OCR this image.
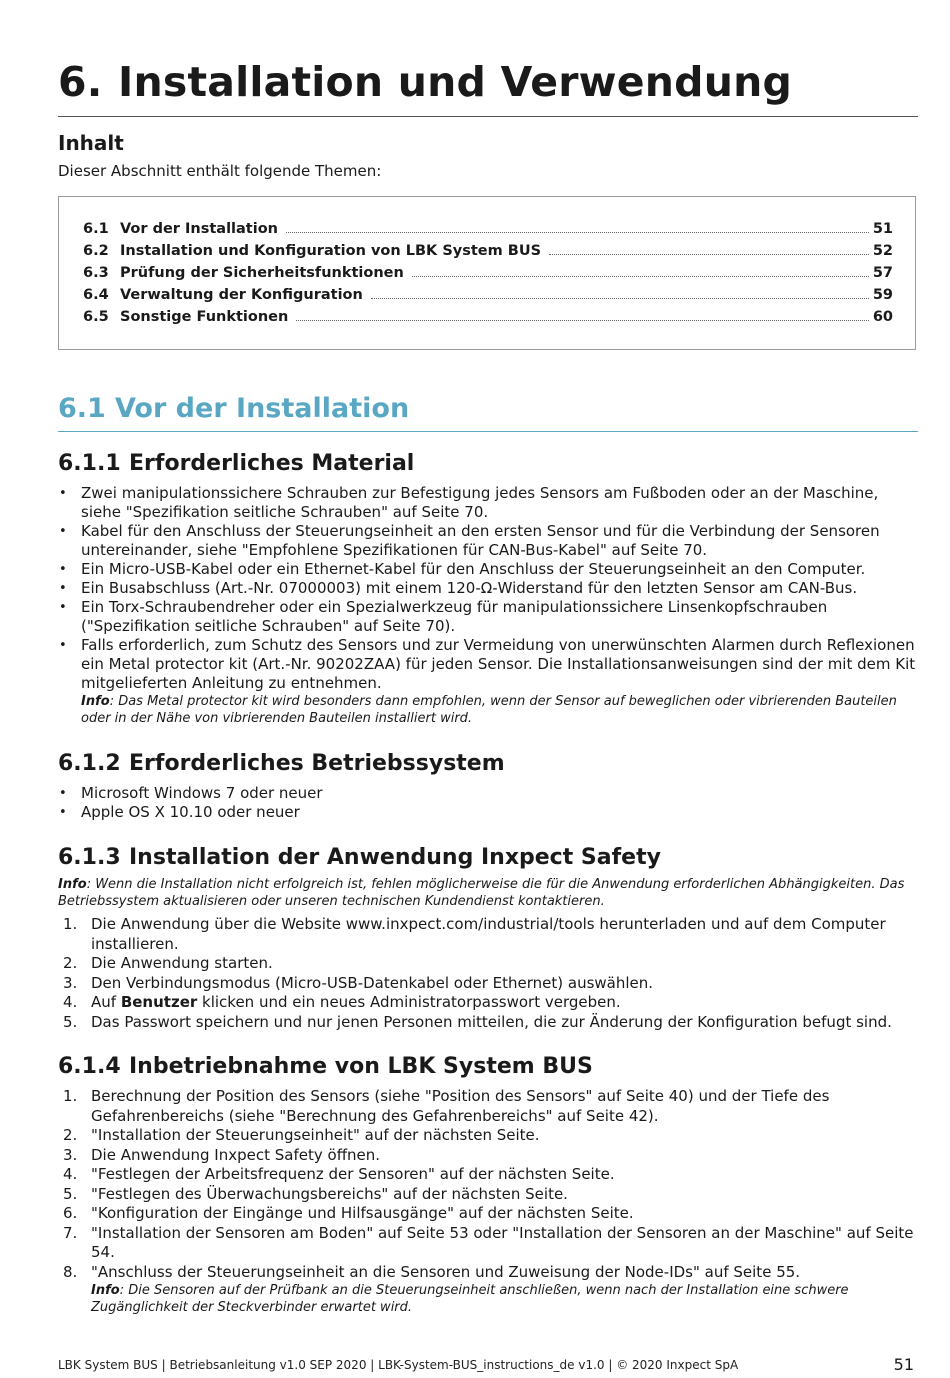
6. Installation und Verwendung
Inhalt

Dieser Abschnitt enthält folgende Themen:

6.1 Vor der Installation	51
6.2 Installation und Konfiguration von LBK System BUS	52
6.3 Prüfung der Sicherheitsfunktionen	57
6.4 Verwaltung der Konfiguration	59
6.5 Sonstige Funktionen	60
6.1 Vor der Installation
6.1.1 Erforderliches Material
• Zwei manipulationssichere Schrauben zur Befestigung jedes Sensors am Fußboden oder an der Maschine, siehe "Spezifikation seitliche Schrauben" auf Seite 70.
• Kabel für den Anschluss der Steuerungseinheit an den ersten Sensor und für die Verbindung der Sensoren untereinander, siehe "Empfohlene Spezifikationen für CAN-Bus-Kabel" auf Seite 70.
• Ein Micro-USB-Kabel oder ein Ethernet-Kabel für den Anschluss der Steuerungseinheit an den Computer.
• Ein Busabschluss (Art.-Nr. 07000003) mit einem 120-Ω-Widerstand für den letzten Sensor am CAN-Bus.
• Ein Torx-Schraubendreher oder ein Spezialwerkzeug für manipulationssichere Linsenkopfschrauben ("Spezifikation seitliche Schrauben" auf Seite 70).
• Falls erforderlich, zum Schutz des Sensors und zur Vermeidung von unerwünschten Alarmen durch Reflexionen ein Metal protector kit (Art.-Nr. 90202ZAA) für jeden Sensor. Die Installationsanweisungen sind der mit dem Kit mitgelieferten Anleitung zu entnehmen.

Info: Das Metal protector kit wird besonders dann empfohlen, wenn der Sensor auf beweglichen oder vibrierenden Bauteilen oder in der Nähe von vibrierenden Bauteilen installiert wird.

6.1.2 Erforderliches Betriebssystem
• Microsoft Windows 7 oder neuer
• Apple OS X 10.10 oder neuer
6.1.3 Installation der Anwendung Inxpect Safety

Info: Wenn die Installation nicht erfolgreich ist, fehlen möglicherweise die für die Anwendung erforderlichen Abhängigkeiten. Das Betriebssystem aktualisieren oder unseren technischen Kundendienst kontaktieren.

1. Die Anwendung über die Website www.inxpect.com/industrial/tools herunterladen und auf dem Computer installieren.
2. Die Anwendung starten.
3. Den Verbindungsmodus (Micro-USB-Datenkabel oder Ethernet) auswählen.
4. Auf Benutzer klicken und ein neues Administratorpasswort vergeben.
5. Das Passwort speichern und nur jenen Personen mitteilen, die zur Änderung der Konfiguration befugt sind.
6.1.4 Inbetriebnahme von LBK System BUS
1. Berechnung der Position des Sensors (siehe "Position des Sensors" auf Seite 40) und der Tiefe des Gefahrenbereichs (siehe "Berechnung des Gefahrenbereichs" auf Seite 42).
2. "Installation der Steuerungseinheit" auf der nächsten Seite.
3. Die Anwendung Inxpect Safety öffnen.
4. "Festlegen der Arbeitsfrequenz der Sensoren" auf der nächsten Seite.
5. "Festlegen des Überwachungsbereichs" auf der nächsten Seite.
6. "Konfiguration der Eingänge und Hilfsausgänge" auf der nächsten Seite.
7. "Installation der Sensoren am Boden" auf Seite 53 oder "Installation der Sensoren an der Maschine" auf Seite 54.
8. "Anschluss der Steuerungseinheit an die Sensoren und Zuweisung der Node-IDs" auf Seite 55.

Info: Die Sensoren auf der Prüfbank an die Steuerungseinheit anschließen, wenn nach der Installation eine schwere Zugänglichkeit der Steckverbinder erwartet wird.

LBK System BUS | Betriebsanleitung v1.0 SEP 2020 | LBK-System-BUS_instructions_de v1.0 | © 2020 Inxpect SpA	51
